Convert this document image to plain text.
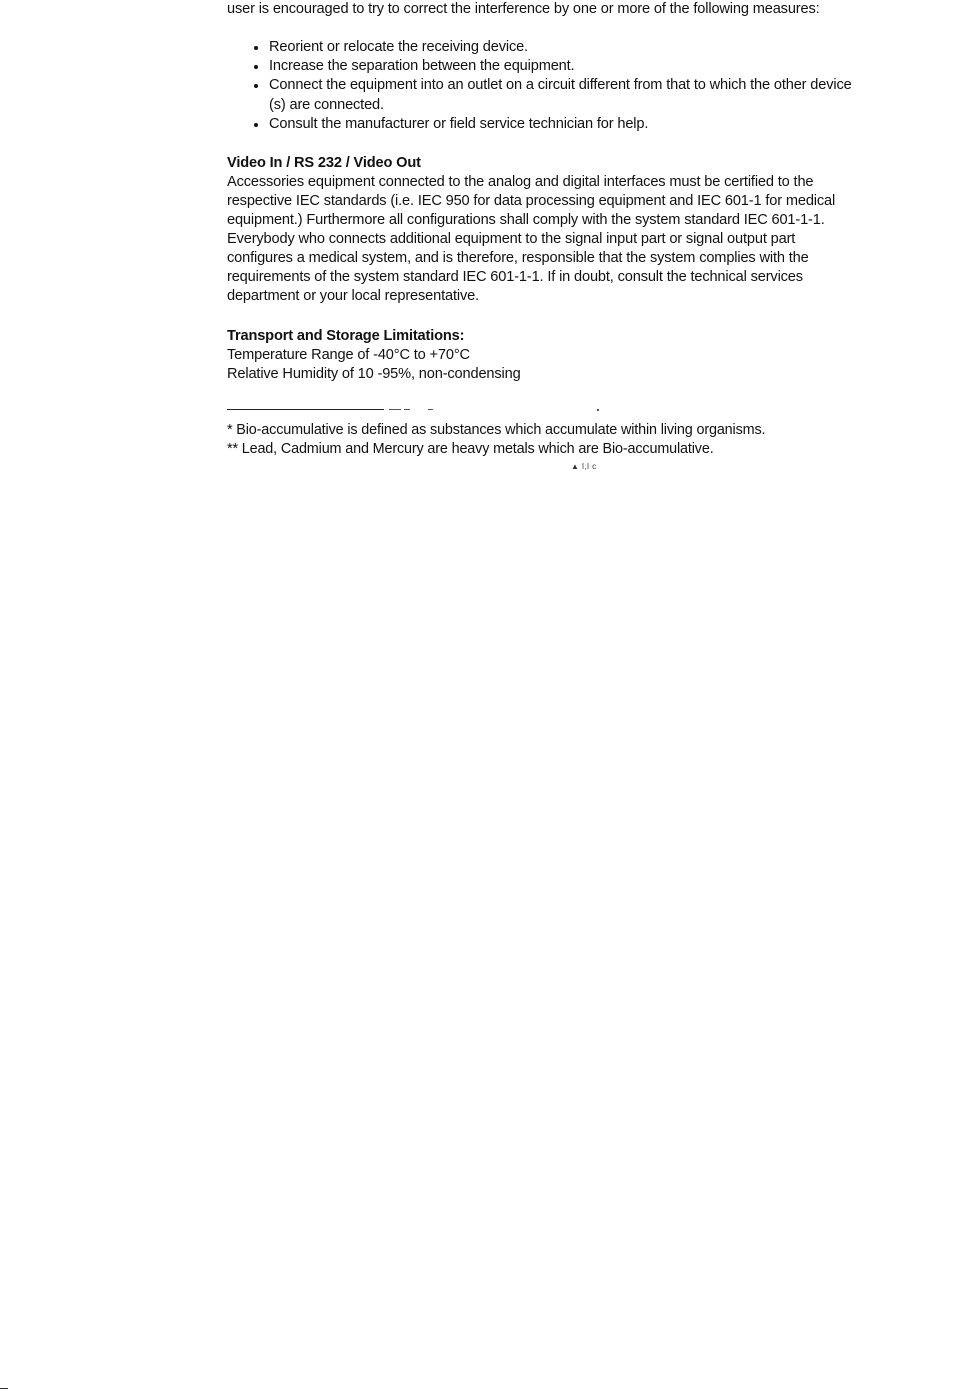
user is encouraged to try to correct the interference by one or more of the following measures:
Reorient or relocate the receiving device.
Increase the separation between the equipment.
Connect the equipment into an outlet on a circuit different from that to which the other device
(s) are connected.
Consult the manufacturer or field service technician for help.
Video In / RS 232 / Video Out
Accessories equipment connected to the analog and digital interfaces must be certified to the
respective IEC standards (i.e. IEC 950 for data processing equipment and IEC 601-1 for medical
equipment.) Furthermore all configurations shall comply with the system standard IEC 601-1-1.
Everybody who connects additional equipment to the signal input part or signal output part
configures a medical system, and is therefore, responsible that the system complies with the
requirements of the system standard IEC 601-1-1. If in doubt, consult the technical services
department or your local representative.
Transport and Storage Limitations:
Temperature Range of -40°C to +70°C
Relative Humidity of 10 -95%, non-condensing
* Bio-accumulative is defined as substances which accumulate within living organisms.
** Lead, Cadmium and Mercury are heavy metals which are Bio-accumulative.
▲ l,l c
